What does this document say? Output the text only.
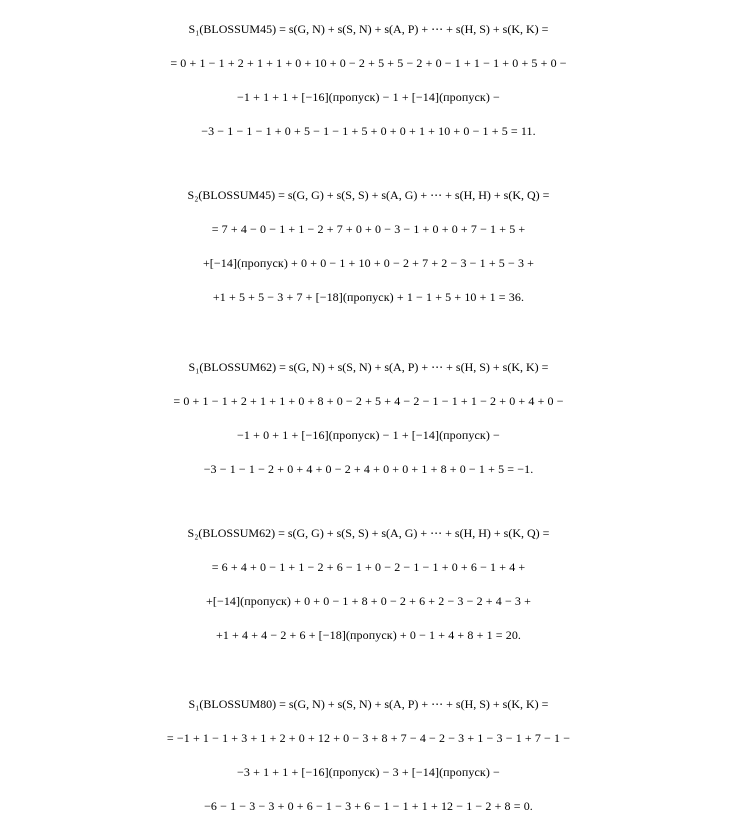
S₁(BLOSSUM45) = s(G, N) + s(S, N) + s(A, P) + ⋯ + s(H, S) + s(K, K) =
= 0 + 1 − 1 + 2 + 1 + 1 + 0 + 10 + 0 − 2 + 5 + 5 − 2 + 0 − 1 + 1 − 1 + 0 + 5 + 0 −
−1 + 1 + 1 + [−16](пропуск) − 1 + [−14](пропуск) −
−3 − 1 − 1 − 1 + 0 + 5 − 1 − 1 + 5 + 0 + 0 + 1 + 10 + 0 − 1 + 5 = 11.
S₂(BLOSSUM45) = s(G, G) + s(S, S) + s(A, G) + ⋯ + s(H, H) + s(K, Q) =
= 7 + 4 − 0 − 1 + 1 − 2 + 7 + 0 + 0 − 3 − 1 + 0 + 0 + 7 − 1 + 5 +
+[−14](пропуск) + 0 + 0 − 1 + 10 + 0 − 2 + 7 + 2 − 3 − 1 + 5 − 3 +
+1 + 5 + 5 − 3 + 7 + [−18](пропуск) + 1 − 1 + 5 + 10 + 1 = 36.
S₁(BLOSSUM62) = s(G, N) + s(S, N) + s(A, P) + ⋯ + s(H, S) + s(K, K) =
= 0 + 1 − 1 + 2 + 1 + 1 + 0 + 8 + 0 − 2 + 5 + 4 − 2 − 1 − 1 + 1 − 2 + 0 + 4 + 0 −
−1 + 0 + 1 + [−16](пропуск) − 1 + [−14](пропуск) −
−3 − 1 − 1 − 2 + 0 + 4 + 0 − 2 + 4 + 0 + 0 + 1 + 8 + 0 − 1 + 5 = −1.
S₂(BLOSSUM62) = s(G, G) + s(S, S) + s(A, G) + ⋯ + s(H, H) + s(K, Q) =
= 6 + 4 + 0 − 1 + 1 − 2 + 6 − 1 + 0 − 2 − 1 − 1 + 0 + 6 − 1 + 4 +
+[−14](пропуск) + 0 + 0 − 1 + 8 + 0 − 2 + 6 + 2 − 3 − 2 + 4 − 3 +
+1 + 4 + 4 − 2 + 6 + [−18](пропуск) + 0 − 1 + 4 + 8 + 1 = 20.
S₁(BLOSSUM80) = s(G, N) + s(S, N) + s(A, P) + ⋯ + s(H, S) + s(K, K) =
= −1 + 1 − 1 + 3 + 1 + 2 + 0 + 12 + 0 − 3 + 8 + 7 − 4 − 2 − 3 + 1 − 3 − 1 + 7 − 1 −
−3 + 1 + 1 + [−16](пропуск) − 3 + [−14](пропуск) −
−6 − 1 − 3 − 3 + 0 + 6 − 1 − 3 + 6 − 1 − 1 + 1 + 12 − 1 − 2 + 8 = 0.
